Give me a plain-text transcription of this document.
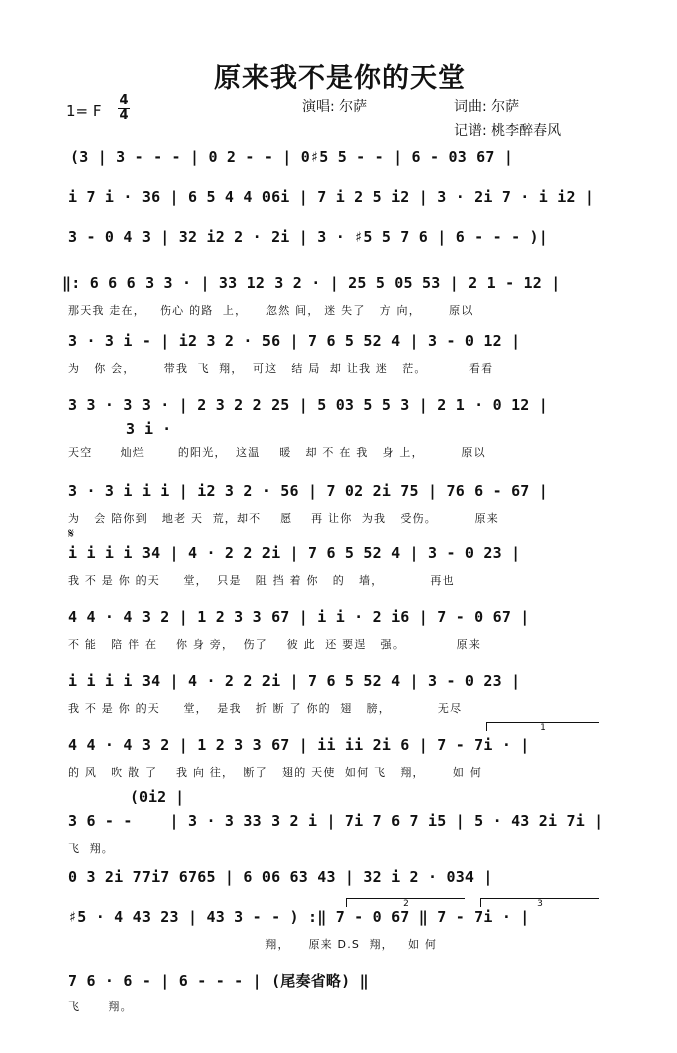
原来我不是你的天堂
1= F
4
4
演唱: 尔萨	词曲: 尔萨
记谱: 桃李醉春风
(3 | 3 - - - | 0 2 - - | 0♯5 5 - - | 6 - 03 67 |
i 7 i · 36 | 6 5 4 4 06i | 7 i 2 5 i2 | 3 · 2i 7 · i i2 |
3 - 0 4 3 | 32 i2 2 · 2i | 3 · ♯5 5 7 6 | 6 - - - )|
‖: 6 6 6 3 3 · | 33 12 3 2 · | 25 5 05 53 | 2 1 - 12 |
那天我 走在，   伤心 的路  上，    忽然 间， 迷 失了   方 向，      原以
3 · 3 i - | i2 3 2 · 56 | 7 6 5 52 4 | 3 - 0 12 |
为   你 会，      带我  飞  翔，  可这   结 局  却 让我 迷   茫。         看看
3 3 · 3 3 · | 2 3 2 2 25 | 5 03 5 5 3 | 2 1 · 0 12 |
3 i ·
天空      灿烂       的阳光，  这温    暖   却 不 在 我   身 上，        原以
3 · 3 i i i | i2 3 2 · 56 | 7 02 2i 75 | 76 6 - 67 |
为   会 陪你到   地老 天  荒，却不    愿    再 让你  为我   受伤。        原来
𝄋
i i i i 34 | 4 · 2 2 2i | 7 6 5 52 4 | 3 - 0 23 |
我 不 是 你 的天     堂，  只是   阻 挡 着 你   的   墙，          再也
4 4 · 4 3 2 | 1 2 3 3 67 | i i · 2 i6 | 7 - 0 67 |
不 能   陪 伴 在    你 身 旁，  伤了    彼 此  还 要逞   强。           原来
i i i i 34 | 4 · 2 2 2i | 7 6 5 52 4 | 3 - 0 23 |
我 不 是 你 的天     堂，  是我   折 断 了 你的  翅   膀，          无尽
1
4 4 · 4 3 2 | 1 2 3 3 67 | ii ii 2i 6 | 7 - 7i · |
的 风   吹 散 了    我 向 往，  断了   翅的 天使  如何 飞   翔，      如 何
(0i2 |
3 6 - -    | 3 · 3 33 3 2 i | 7i 7 6 7 i5 | 5 · 43 2i 7i |
飞  翔。
0 3 2i 77i7 6765 | 6 06 63 43 | 32 i 2 · 034 |
2	3
♯5 · 4 43 23 | 43 3 - - ) :‖ 7 - 0 67 ‖ 7 - 7i · |
翔，    原来 D.S  翔，   如 何
7 6 · 6 - | 6 - - - | (尾奏省略) ‖
飞      翔。
